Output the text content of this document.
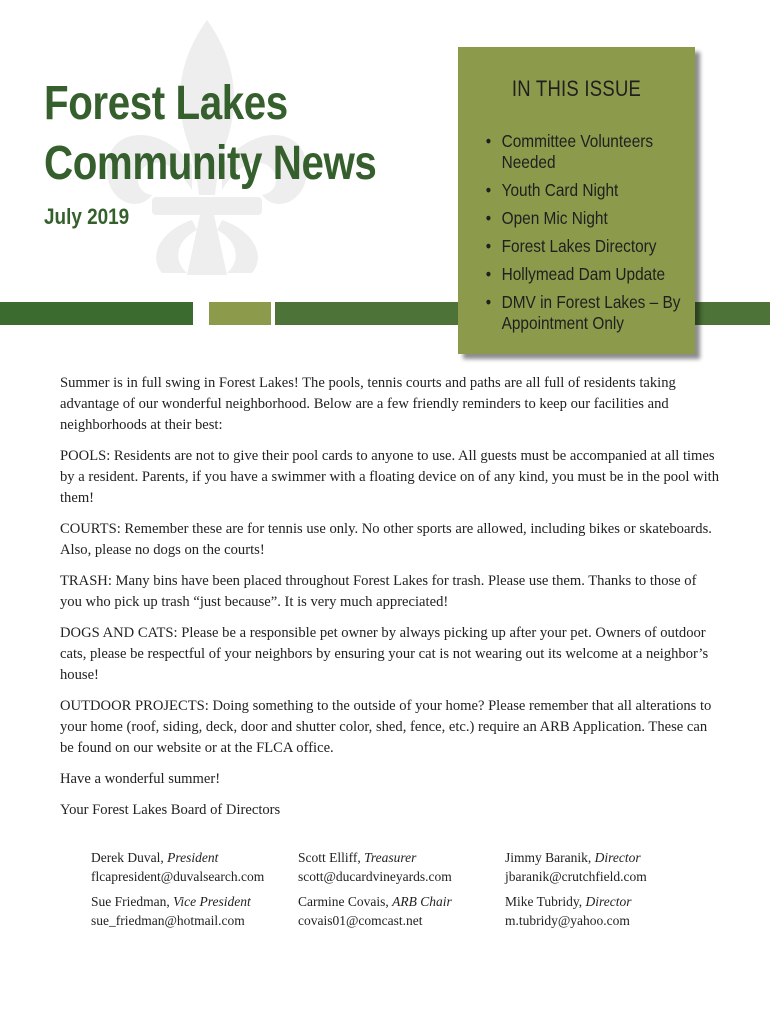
Forest Lakes
Community News
July 2019
IN THIS ISSUE
• Committee Volunteers Needed
• Youth Card Night
• Open Mic Night
• Forest Lakes Directory
• Hollymead Dam Update
• DMV in Forest Lakes – By Appointment Only

Summer is in full swing in Forest Lakes! The pools, tennis courts and paths are all full of residents taking advantage of our wonderful neighborhood. Below are a few friendly reminders to keep our facilities and neighborhoods at their best:

POOLS: Residents are not to give their pool cards to anyone to use. All guests must be accompanied at all times by a resident. Parents, if you have a swimmer with a floating device on of any kind, you must be in the pool with them!

COURTS: Remember these are for tennis use only. No other sports are allowed, including bikes or skateboards. Also, please no dogs on the courts!

TRASH: Many bins have been placed throughout Forest Lakes for trash. Please use them. Thanks to those of you who pick up trash “just because”. It is very much appreciated!

DOGS AND CATS: Please be a responsible pet owner by always picking up after your pet. Owners of outdoor cats, please be respectful of your neighbors by ensuring your cat is not wearing out its welcome at a neighbor’s house!

OUTDOOR PROJECTS: Doing something to the outside of your home? Please remember that all alterations to your home (roof, siding, deck, door and shutter color, shed, fence, etc.) require an ARB Application. These can be found on our website or at the FLCA office.

Have a wonderful summer!

Your Forest Lakes Board of Directors

Derek Duval, President
flcapresident@duvalsearch.com
Scott Elliff, Treasurer
scott@ducardvineyards.com
Jimmy Baranik, Director
jbaranik@crutchfield.com
Sue Friedman, Vice President
sue_friedman@hotmail.com
Carmine Covais, ARB Chair
covais01@comcast.net
Mike Tubridy, Director
m.tubridy@yahoo.com
